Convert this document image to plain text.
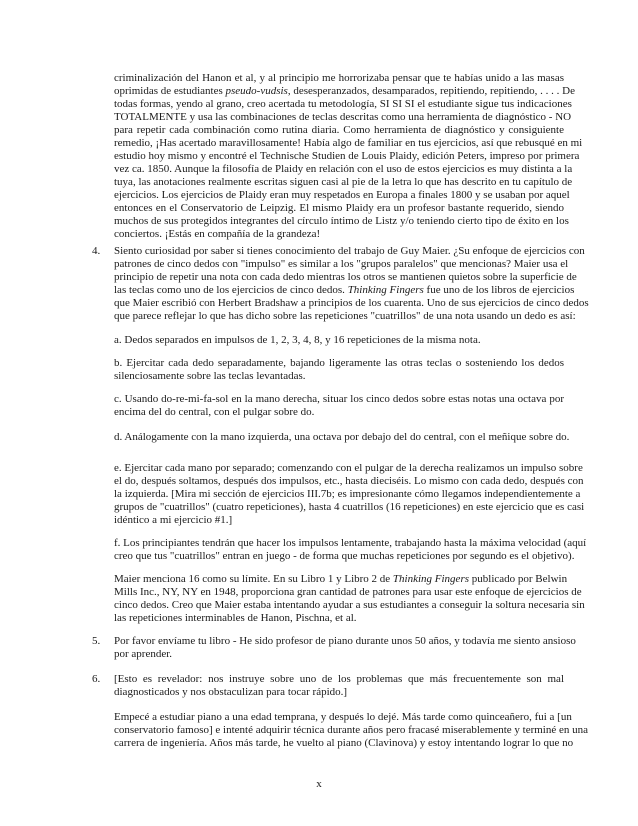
criminalización del Hanon et al, y al principio me horrorizaba pensar que te habías unido a las masas
oprimidas de estudiantes pseudo-vudsis, desesperanzados, desamparados, repitiendo, repitiendo, . . . . De
todas formas, yendo al grano, creo acertada tu metodología, SI SI SI el estudiante sigue tus indicaciones
TOTALMENTE y usa las combinaciones de teclas descritas como una herramienta de diagnóstico - NO
para repetir cada combinación como rutina diaria. Como herramienta de diagnóstico y consiguiente
remedio, ¡Has acertado maravillosamente! Había algo de familiar en tus ejercicios, así que rebusqué en mi
estudio hoy mismo y encontré el Technische Studien de Louis Plaidy, edición Peters, impreso por primera
vez ca. 1850. Aunque la filosofía de Plaidy en relación con el uso de estos ejercicios es muy distinta a la
tuya, las anotaciones realmente escritas siguen casi al pie de la letra lo que has descrito en tu capítulo de
ejercicios. Los ejercicios de Plaidy eran muy respetados en Europa a finales 1800 y se usaban por aquel
entonces en el Conservatorio de Leipzig. El mismo Plaidy era un profesor bastante requerido, siendo
muchos de sus protegidos integrantes del círculo íntimo de Listz y/o teniendo cierto tipo de éxito en los
conciertos. ¡Estás en compañía de la grandeza!
4. Siento curiosidad por saber si tienes conocimiento del trabajo de Guy Maier. ¿Su enfoque de ejercicios con
patrones de cinco dedos con "impulso" es similar a los "grupos paralelos" que mencionas? Maier usa el
principio de repetir una nota con cada dedo mientras los otros se mantienen quietos sobre la superficie de
las teclas como uno de los ejercicios de cinco dedos. Thinking Fingers fue uno de los libros de ejercicios
que Maier escribió con Herbert Bradshaw a principios de los cuarenta. Uno de sus ejercicios de cinco dedos
que parece reflejar lo que has dicho sobre las repeticiones "cuatrillos" de una nota usando un dedo es así:
a. Dedos separados en impulsos de 1, 2, 3, 4, 8, y 16 repeticiones de la misma nota.
b. Ejercitar cada dedo separadamente, bajando ligeramente las otras teclas o sosteniendo los dedos
silenciosamente sobre las teclas levantadas.
c. Usando do-re-mi-fa-sol en la mano derecha, situar los cinco dedos sobre estas notas una octava por
encima del do central, con el pulgar sobre do.
d. Análogamente con la mano izquierda, una octava por debajo del do central, con el meñique sobre do.
e. Ejercitar cada mano por separado; comenzando con el pulgar de la derecha realizamos un impulso sobre
el do, después soltamos, después dos impulsos, etc., hasta dieciséis. Lo mismo con cada dedo, después con
la izquierda. [Mira mi sección de ejercicios III.7b; es impresionante cómo llegamos independientemente a
grupos de "cuatrillos" (cuatro repeticiones), hasta 4 cuatrillos (16 repeticiones) en este ejercicio que es casi
idéntico a mi ejercicio #1.]
f. Los principiantes tendrán que hacer los impulsos lentamente, trabajando hasta la máxima velocidad (aquí
creo que tus "cuatrillos" entran en juego - de forma que muchas repeticiones por segundo es el objetivo).
Maier menciona 16 como su límite. En su Libro 1 y Libro 2 de Thinking Fingers publicado por Belwin
Mills Inc., NY, NY en 1948, proporciona gran cantidad de patrones para usar este enfoque de ejercicios de
cinco dedos. Creo que Maier estaba intentando ayudar a sus estudiantes a conseguir la soltura necesaria sin
las repeticiones interminables de Hanon, Pischna, et al.
5. Por favor envíame tu libro - He sido profesor de piano durante unos 50 años, y todavía me siento ansioso
por aprender.
6. [Esto es revelador: nos instruye sobre uno de los problemas que más frecuentemente son mal
diagnosticados y nos obstaculizan para tocar rápido.]
Empecé a estudiar piano a una edad temprana, y después lo dejé. Más tarde como quinceañero, fui a [un
conservatorio famoso] e intenté adquirir técnica durante años pero fracasé miserablemente y terminé en una
carrera de ingeniería. Años más tarde, he vuelto al piano (Clavinova) y estoy intentando lograr lo que no
x
